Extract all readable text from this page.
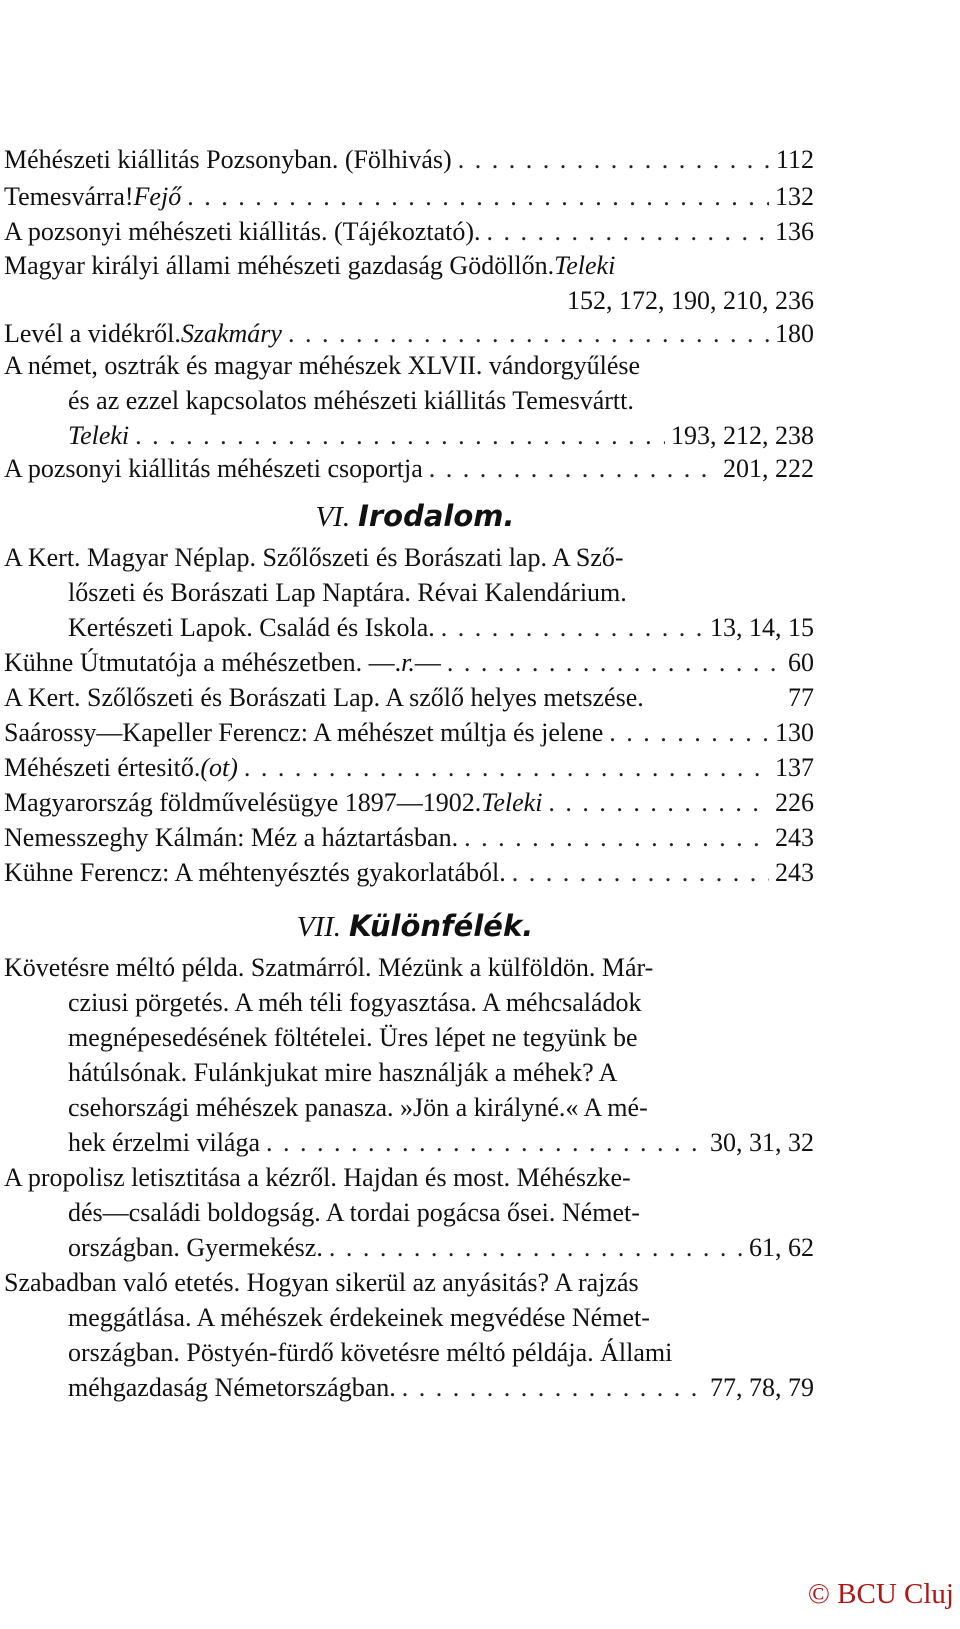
Méhészeti kiállitás Pozsonyban. (Fölhivás) . . .	112
Temesvárra! Fejő . . .	132
A pozsonyi méhészeti kiállitás. (Tájékoztató). . . .	136
Magyar királyi állami méhészeti gazdaság Gödöllőn. Teleki
152, 172, 190, 210, 236
Levél a vidékről. Szakmáry . . .	180
A német, osztrák és magyar méhészek XLVII. vándorgyűlése
és az ezzel kapcsolatos méhészeti kiállitás Temesvártt.
Teleki . . .	193, 212, 238
A pozsonyi kiállitás méhészeti csoportja . . .	201, 222
VI. Irodalom.
A Kert. Magyar Néplap. Szőlőszeti és Borászati lap. A Sző-
lőszeti és Borászati Lap Naptára. Révai Kalendárium.
Kertészeti Lapok. Család és Iskola. . . .	13, 14, 15
Kühne Útmutatója a méhészetben. —. r. — . . .	60
A Kert. Szőlőszeti és Borászati Lap. A szőlő helyes metszése.	77
Saárossy—Kapeller Ferencz: A méhészet múltja és jelene . . .	130
Méhészeti értesitő. (ot) . . .	137
Magyarország földművelésügye 1897—1902. Teleki . . .	226
Nemesszeghy Kálmán: Méz a háztartásban. . . .	243
Kühne Ferencz: A méhtenyésztés gyakorlatából. . . .	243
VII. Különfélék.
Követésre méltó példa. Szatmárról. Mézünk a külföldön. Már-
cziusi pörgetés. A méh téli fogyasztása. A méhcsaládok
megnépesedésének föltételei. Üres lépet ne tegyünk be
hátúlsónak. Fulánkjukat mire használják a méhek? A
csehországi méhészek panasza. »Jön a királyné.« A mé-
hek érzelmi világa . . .	30, 31, 32
A propolisz letisztitása a kézről. Hajdan és most. Méhészke-
dés—családi boldogság. A tordai pogácsa ősei. Német-
országban. Gyermekész. . . .	61, 62
Szabadban való etetés. Hogyan sikerül az anyásitás? A rajzás
meggátlása. A méhészek érdekeinek megvédése Német-
országban. Pöstyén-fürdő követésre méltó példája. Állami
méhgazdaság Németországban. . . .	77, 78, 79
© BCU Cluj
